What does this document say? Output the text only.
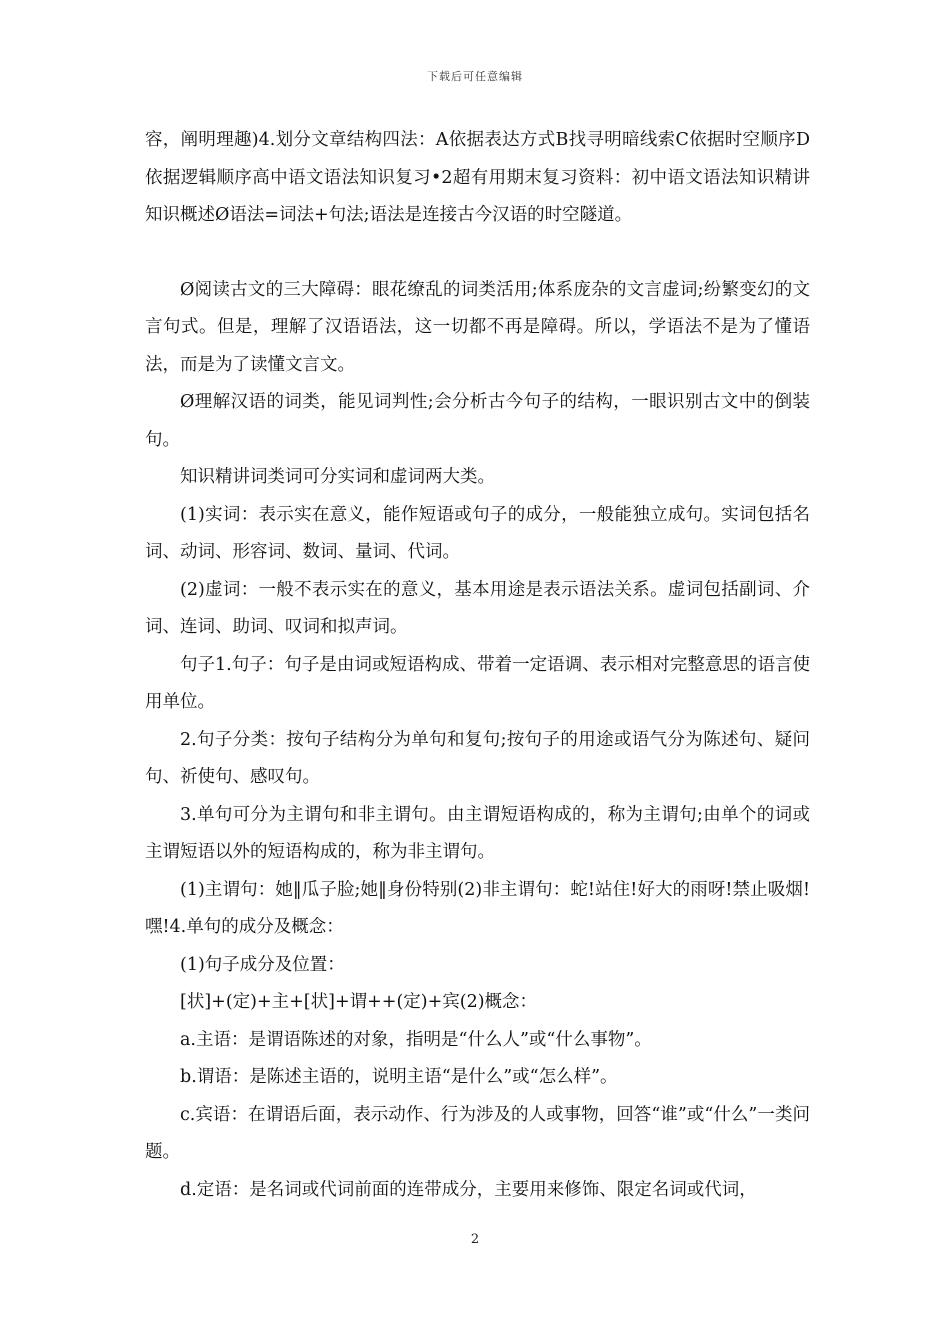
下载后可任意编辑

容，阐明理趣)4.划分文章结构四法：A依据表达方式B找寻明暗线索C依据时空顺序D依据逻辑顺序高中语文语法知识复习•2超有用期末复习资料：初中语文语法知识精讲知识概述Ø语法=词法+句法;语法是连接古今汉语的时空隧道。

Ø阅读古文的三大障碍：眼花缭乱的词类活用;体系庞杂的文言虚词;纷繁变幻的文言句式。但是，理解了汉语语法，这一切都不再是障碍。所以，学语法不是为了懂语法，而是为了读懂文言文。

Ø理解汉语的词类，能见词判性;会分析古今句子的结构，一眼识别古文中的倒装句。

知识精讲词类词可分实词和虚词两大类。

(1)实词：表示实在意义，能作短语或句子的成分，一般能独立成句。实词包括名词、动词、形容词、数词、量词、代词。

(2)虚词：一般不表示实在的意义，基本用途是表示语法关系。虚词包括副词、介词、连词、助词、叹词和拟声词。

句子1.句子：句子是由词或短语构成、带着一定语调、表示相对完整意思的语言使用单位。

2.句子分类：按句子结构分为单句和复句;按句子的用途或语气分为陈述句、疑问句、祈使句、感叹句。

3.单句可分为主谓句和非主谓句。由主谓短语构成的，称为主谓句;由单个的词或主谓短语以外的短语构成的，称为非主谓句。

(1)主谓句：她‖瓜子脸;她‖身份特别(2)非主谓句：蛇!站住!好大的雨呀!禁止吸烟!嘿!4.单句的成分及概念：

(1)句子成分及位置：

[状]+(定)+主+[状]+谓++(定)+宾(2)概念：

a.主语：是谓语陈述的对象，指明是“什么人”或“什么事物”。

b.谓语：是陈述主语的，说明主语“是什么”或“怎么样”。

c.宾语：在谓语后面，表示动作、行为涉及的人或事物，回答“谁”或“什么”一类问题。

d.定语：是名词或代词前面的连带成分，主要用来修饰、限定名词或代词，

2
